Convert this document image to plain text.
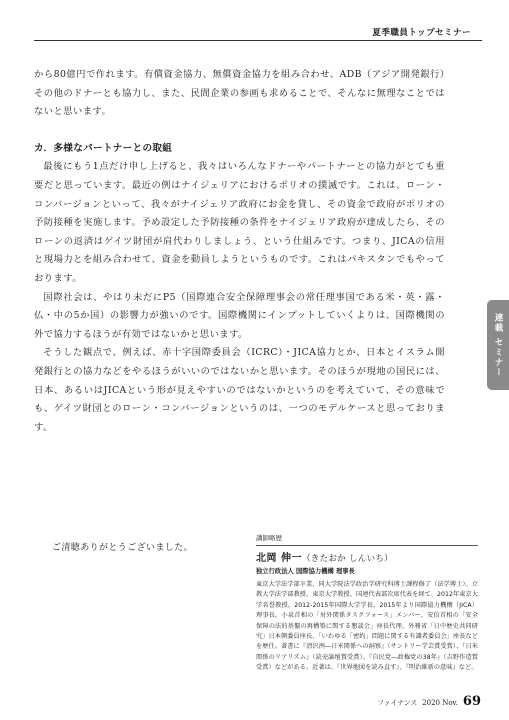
夏季職員トップセミナー

から80億円で作れます。有償資金協力、無償資金協力を組み合わせ、ADB（アジア開発銀行）その他のドナーとも協力し、また、民間企業の参画も求めることで、そんなに無理なことではないと思います。

カ．多様なパートナーとの取組

最後にもう1点だけ申し上げると、我々はいろんなドナーやパートナーとの協力がとても重要だと思っています。最近の例はナイジェリアにおけるポリオの撲滅です。これは、ローン・コンバージョンといって、我々がナイジェリア政府にお金を貸し、その資金で政府がポリオの予防接種を実施します。予め設定した予防接種の条件をナイジェリア政府が達成したら、そのローンの返済はゲイツ財団が肩代わりしましょう、という仕組みです。つまり、JICAの信用と現場力とを組み合わせて、資金を動員しようというものです。これはパキスタンでもやっております。

国際社会は、やはり未だにP5（国際連合安全保障理事会の常任理事国である米・英・露・仏・中の5か国）の影響力が強いのです。国際機関にインプットしていくよりは、国際機関の外で協力するほうが有効ではないかと思います。

そうした観点で、例えば、赤十字国際委員会（ICRC）・JICA協力とか、日本とイスラム開発銀行との協力などをやるほうがいいのではないかと思います。そのほうが現地の国民には、日本、あるいはJICAという形が見えやすいのではないかというのを考えていて、その意味でも、ゲイツ財団とのローン・コンバージョンというのは、一つのモデルケースと思っております。

連載 セミナー
ご清聴ありがとうございました。
講師略歴
北岡 伸一（きたおか しんいち）
独立行政法人 国際協力機構 理事長

東京大学法学部卒業、同大学院法学政治学研究科博士課程修了（法学博士）。立教大学法学部教授、東京大学教授、国連代表部次席代表を経て、2012年東京大学名誉教授。2012-2015年国際大学学長、2015年より国際協力機構（JICA）理事長。小泉首相の「対外関係タスクフォース」メンバー、安倍首相の「安全保障の法的基盤の再構築に関する懇談会」座長代理、外務省「日中歴史共同研究」日本側委員座長、「いわゆる「密約」問題に関する有識者委員会」座長などを歴任。著書に『清沢洌―日米関係への洞察』（サントリー学芸賞受賞）、『日米関係のリアリズム』（読売論壇賞受賞）、『自民党―政権党の38年』（吉野作造賞受賞）などがある。近著は、『世界地図を読み直す』、『明治維新の意味』など。

ファイナンス 2020 Nov. 69
